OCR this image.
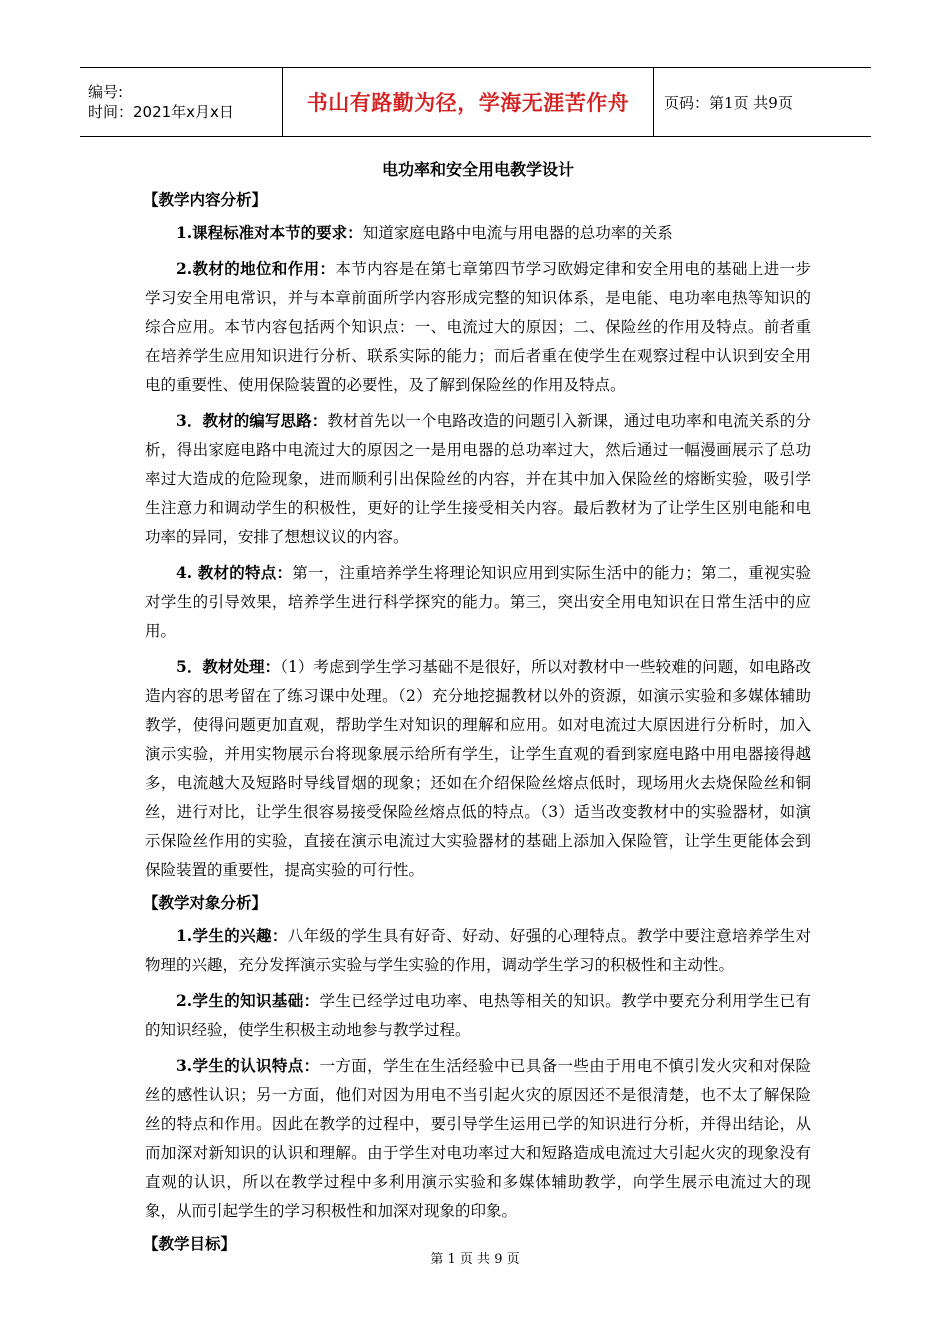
编号:
时间：2021年x月x日	书山有路勤为径，学海无涯苦作舟 页码：第1页 共9页
电功率和安全用电教学设计
【教学内容分析】

1.课程标准对本节的要求：知道家庭电路中电流与用电器的总功率的关系

2.教材的地位和作用：本节内容是在第七章第四节学习欧姆定律和安全用电的基础上进一步学习安全用电常识，并与本章前面所学内容形成完整的知识体系，是电能、电功率电热等知识的综合应用。本节内容包括两个知识点：一、电流过大的原因；二、保险丝的作用及特点。前者重在培养学生应用知识进行分析、联系实际的能力；而后者重在使学生在观察过程中认识到安全用电的重要性、使用保险装置的必要性，及了解到保险丝的作用及特点。

3．教材的编写思路：教材首先以一个电路改造的问题引入新课，通过电功率和电流关系的分析，得出家庭电路中电流过大的原因之一是用电器的总功率过大，然后通过一幅漫画展示了总功率过大造成的危险现象，进而顺利引出保险丝的内容，并在其中加入保险丝的熔断实验，吸引学生注意力和调动学生的积极性，更好的让学生接受相关内容。最后教材为了让学生区别电能和电功率的异同，安排了想想议议的内容。

4. 教材的特点：第一，注重培养学生将理论知识应用到实际生活中的能力；第二，重视实验对学生的引导效果，培养学生进行科学探究的能力。第三，突出安全用电知识在日常生活中的应用。

5．教材处理：（1）考虑到学生学习基础不是很好，所以对教材中一些较难的问题，如电路改造内容的思考留在了练习课中处理。（2）充分地挖掘教材以外的资源，如演示实验和多媒体辅助教学，使得问题更加直观，帮助学生对知识的理解和应用。如对电流过大原因进行分析时，加入演示实验，并用实物展示台将现象展示给所有学生，让学生直观的看到家庭电路中用电器接得越多，电流越大及短路时导线冒烟的现象；还如在介绍保险丝熔点低时，现场用火去烧保险丝和铜丝，进行对比，让学生很容易接受保险丝熔点低的特点。（3）适当改变教材中的实验器材，如演示保险丝作用的实验，直接在演示电流过大实验器材的基础上添加入保险管，让学生更能体会到保险装置的重要性，提高实验的可行性。

【教学对象分析】

1.学生的兴趣：八年级的学生具有好奇、好动、好强的心理特点。教学中要注意培养学生对物理的兴趣，充分发挥演示实验与学生实验的作用，调动学生学习的积极性和主动性。

2.学生的知识基础：学生已经学过电功率、电热等相关的知识。教学中要充分利用学生已有的知识经验，使学生积极主动地参与教学过程。

3.学生的认识特点：一方面，学生在生活经验中已具备一些由于用电不慎引发火灾和对保险丝的感性认识；另一方面，他们对因为用电不当引起火灾的原因还不是很清楚，也不太了解保险丝的特点和作用。因此在教学的过程中，要引导学生运用已学的知识进行分析，并得出结论，从而加深对新知识的认识和理解。由于学生对电功率过大和短路造成电流过大引起火灾的现象没有直观的认识，所以在教学过程中多利用演示实验和多媒体辅助教学，向学生展示电流过大的现象，从而引起学生的学习积极性和加深对现象的印象。

【教学目标】
第 1 页 共 9 页
